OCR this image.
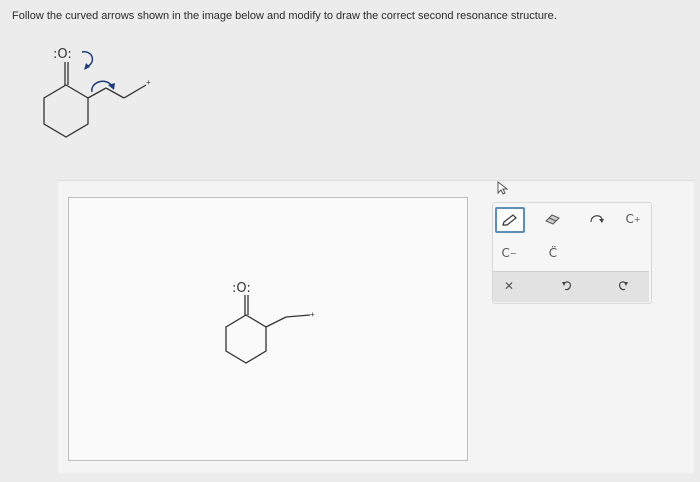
Follow the curved arrows shown in the image below and modify to draw the correct second resonance structure.
:O:
+
:O:
+
C +
C −	C̈
✕
